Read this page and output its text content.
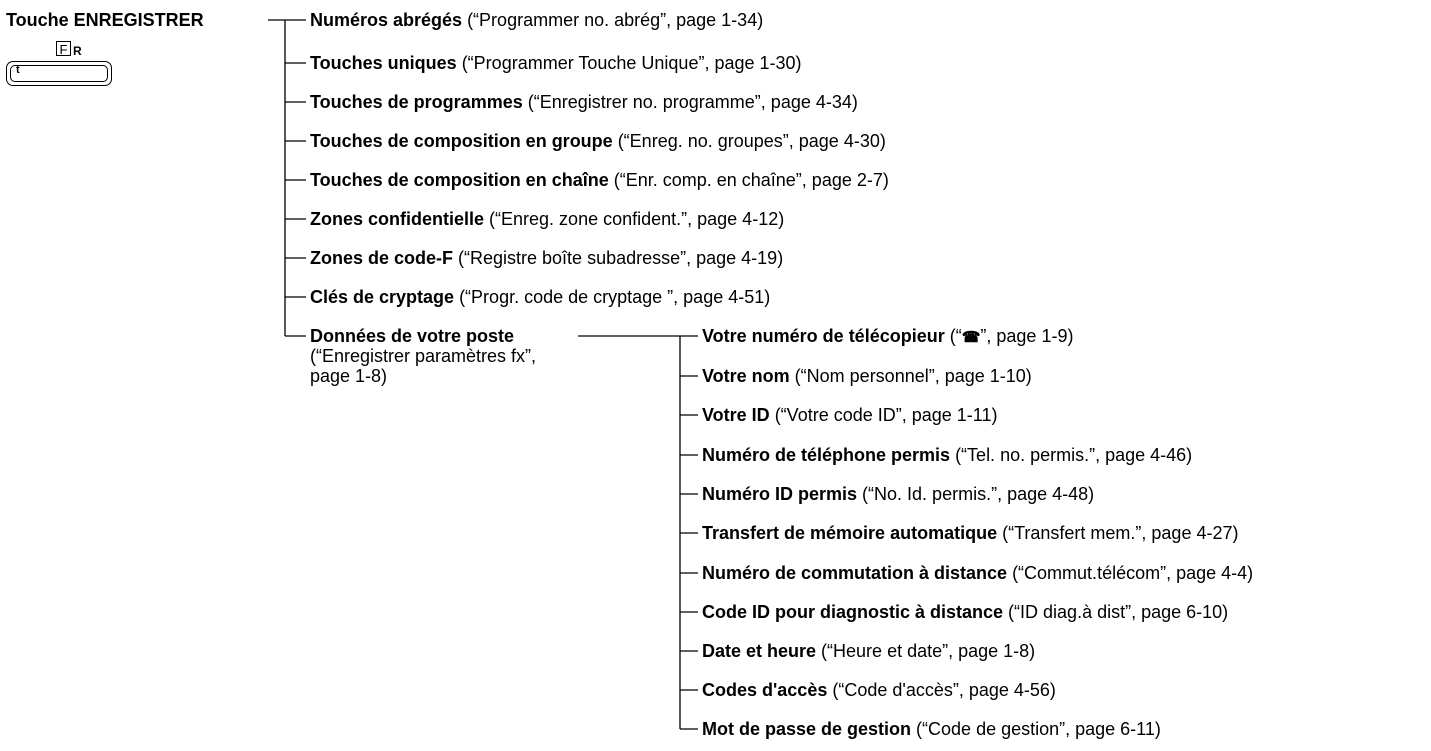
Touche ENREGISTRER
F R
t
Numéros abrégés (“Programmer no. abrég”, page 1-34)
Touches uniques (“Programmer Touche Unique”, page 1-30)
Touches de programmes (“Enregistrer no. programme”, page 4-34)
Touches de composition en groupe (“Enreg. no. groupes”, page 4-30)
Touches de composition en chaîne (“Enr. comp. en chaîne”, page 2-7)
Zones confidentielle (“Enreg. zone confident.”, page 4-12)
Zones de code-F (“Registre boîte subadresse”, page 4-19)
Clés de cryptage (“Progr. code de cryptage ”, page 4-51)
Données de votre poste
(“Enregistrer paramètres fx”,
page 1-8)
Votre numéro de télécopieur (“☎”, page 1-9)
Votre nom (“Nom personnel”, page 1-10)
Votre ID (“Votre code ID”, page 1-11)
Numéro de téléphone permis (“Tel. no. permis.”, page 4-46)
Numéro ID permis (“No. Id. permis.”, page 4-48)
Transfert de mémoire automatique (“Transfert mem.”, page 4-27)
Numéro de commutation à distance (“Commut.télécom”, page 4-4)
Code ID pour diagnostic à distance (“ID diag.à dist”, page 6-10)
Date et heure (“Heure et date”, page 1-8)
Codes d'accès (“Code d'accès”, page 4-56)
Mot de passe de gestion (“Code de gestion”, page 6-11)
